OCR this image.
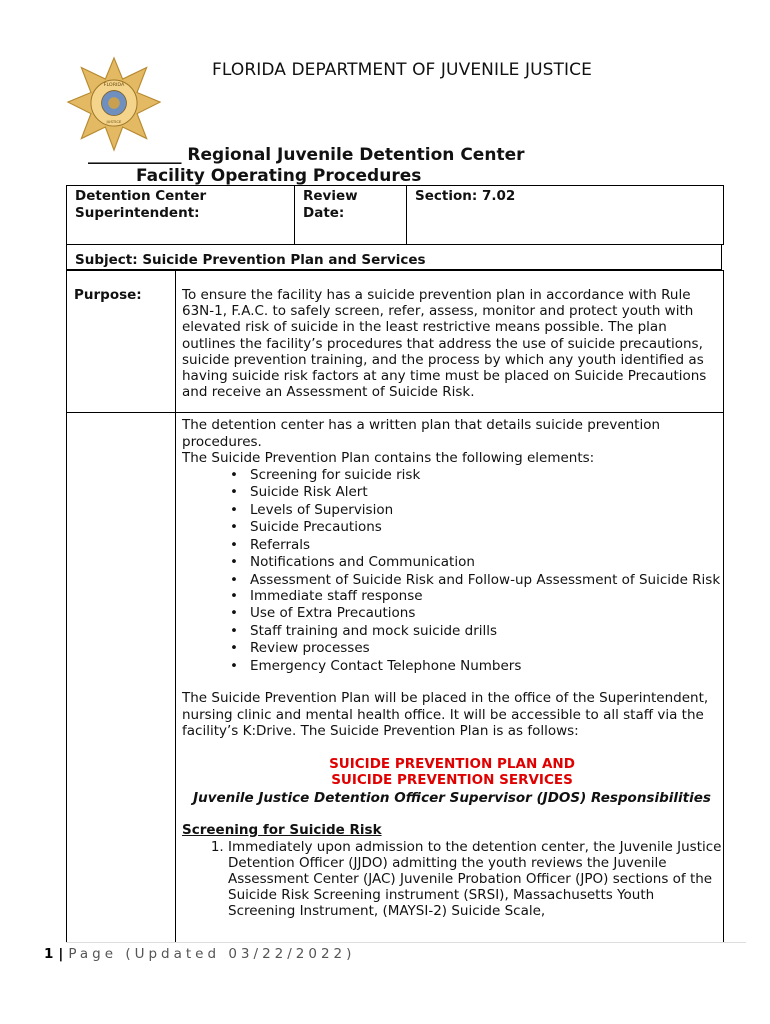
FLORIDA
JUSTICE
FLORIDA DEPARTMENT OF JUVENILE JUSTICE
___________ Regional Juvenile Detention Center
Facility Operating Procedures
Detention Center Superintendent:	Review Date:	Section: 7.02
Subject: Suicide Prevention Plan and Services
Purpose:	To ensure the facility has a suicide prevention plan in accordance with Rule 63N-1, F.A.C. to safely screen, refer, assess, monitor and protect youth with elevated risk of suicide in the least restrictive means possible. The plan outlines the facility’s procedures that address the use of suicide precautions, suicide prevention training, and the process by which any youth identified as having suicide risk factors at any time must be placed on Suicide Precautions and receive an Assessment of Suicide Risk.

The detention center has a written plan that details suicide prevention procedures.

The Suicide Prevention Plan contains the following elements:

• Screening for suicide risk
• Suicide Risk Alert
• Levels of Supervision
• Suicide Precautions
• Referrals
• Notifications and Communication
• Assessment of Suicide Risk and Follow-up Assessment of Suicide Risk
• Immediate staff response
• Use of Extra Precautions
• Staff training and mock suicide drills
• Review processes
• Emergency Contact Telephone Numbers

The Suicide Prevention Plan will be placed in the office of the Superintendent, nursing clinic and mental health office. It will be accessible to all staff via the facility’s K:Drive. The Suicide Prevention Plan is as follows:

SUICIDE PREVENTION PLAN AND
SUICIDE PREVENTION SERVICES
Juvenile Justice Detention Officer Supervisor (JDOS) Responsibilities
Screening for Suicide Risk
1. Immediately upon admission to the detention center, the Juvenile Justice Detention Officer (JJDO) admitting the youth reviews the Juvenile Assessment Center (JAC) Juvenile Probation Officer (JPO) sections of the Suicide Risk Screening instrument (SRSI), Massachusetts Youth Screening Instrument, (MAYSI-2) Suicide Scale,
1 | Page (Updated 03/22/2022)
